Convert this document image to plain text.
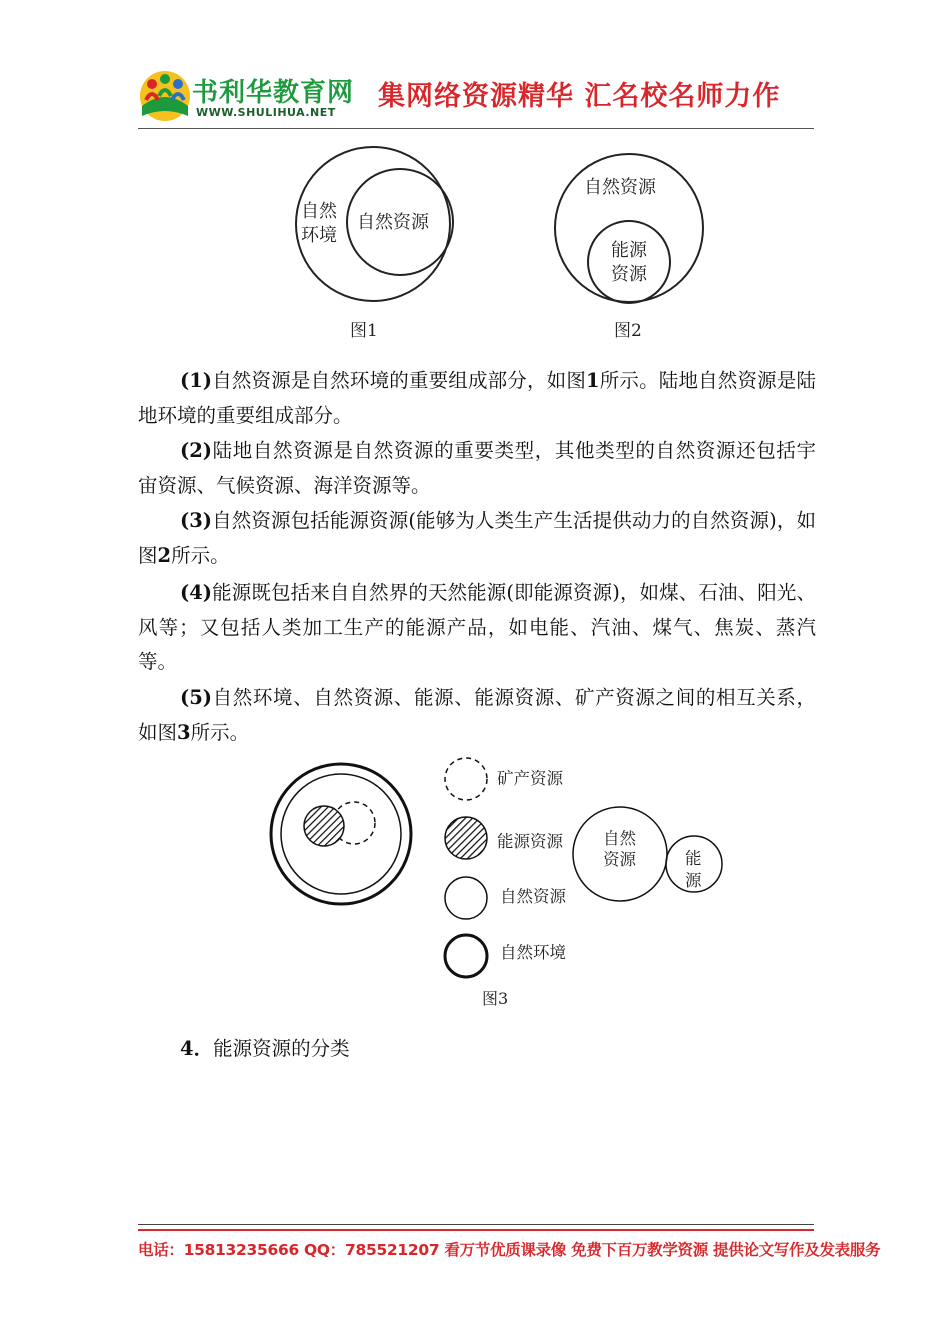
书利华教育网
WWW.SHULIHUA.NET
集网络资源精华 汇名校名师力作
自然
环境
自然资源
图1
自然资源
能源
资源
图2

(1)自然资源是自然环境的重要组成部分，如图1所示。陆地自然资源是陆地环境的重要组成部分。

(2)陆地自然资源是自然资源的重要类型，其他类型的自然资源还包括宇宙资源、气候资源、海洋资源等。

(3)自然资源包括能源资源(能够为人类生产生活提供动力的自然资源)，如图2所示。

(4)能源既包括来自自然界的天然能源(即能源资源)，如煤、石油、阳光、风等；又包括人类加工生产的能源产品，如电能、汽油、煤气、焦炭、蒸汽等。

(5)自然环境、自然资源、能源、能源资源、矿产资源之间的相互关系，如图3所示。

矿产资源
能源资源
自然资源
自然环境
自然
资源	能
源
图3
4．能源资源的分类
电话：15813235666 QQ：785521207 看万节优质课录像 免费下百万教学资源 提供论文写作及发表服务
